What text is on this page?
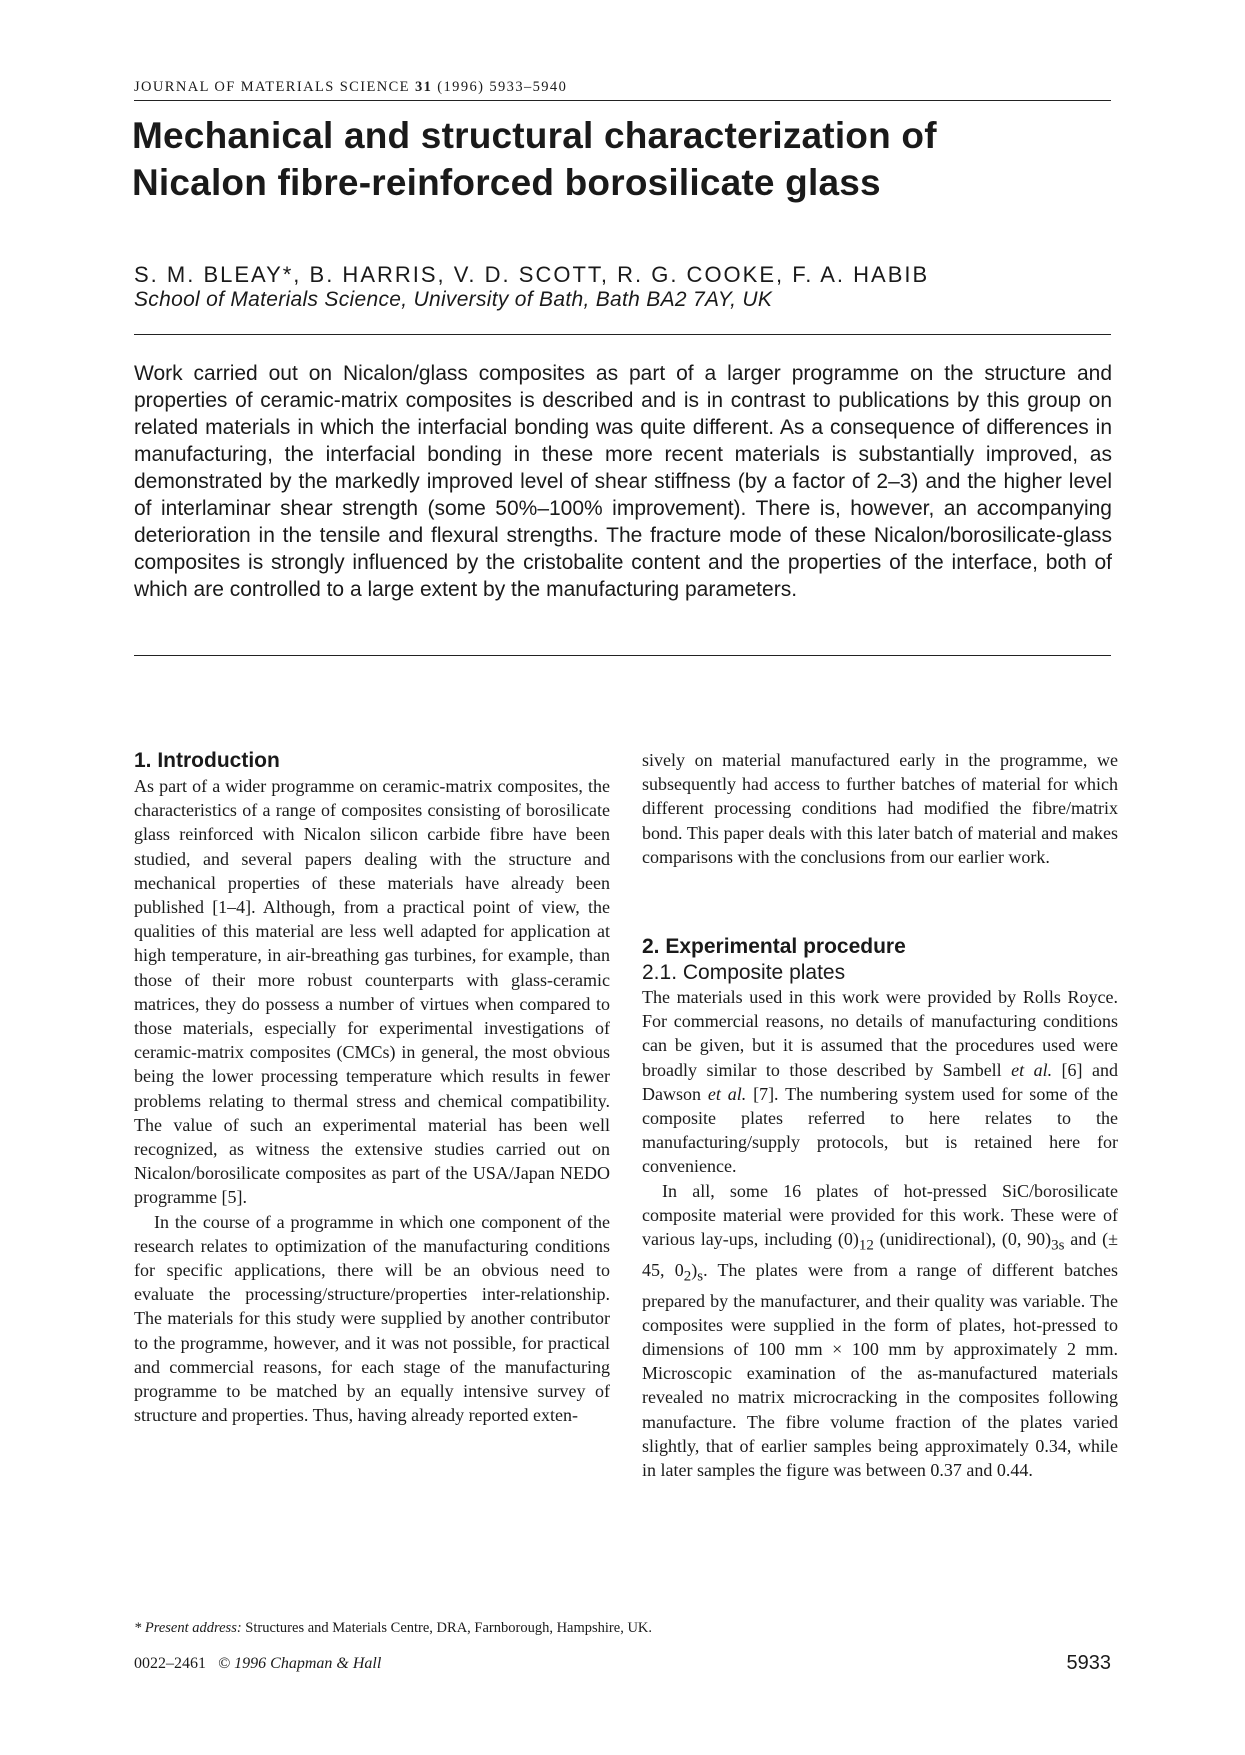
JOURNAL OF MATERIALS SCIENCE 31 (1996) 5933–5940
Mechanical and structural characterization of
Nicalon fibre-reinforced borosilicate glass
S. M. BLEAY*, B. HARRIS, V. D. SCOTT, R. G. COOKE, F. A. HABIB
School of Materials Science, University of Bath, Bath BA2 7AY, UK

Work carried out on Nicalon/glass composites as part of a larger programme on the structure and properties of ceramic-matrix composites is described and is in contrast to publications by this group on related materials in which the interfacial bonding was quite different. As a consequence of differences in manufacturing, the interfacial bonding in these more recent materials is substantially improved, as demonstrated by the markedly improved level of shear stiffness (by a factor of 2–3) and the higher level of interlaminar shear strength (some 50%–100% improvement). There is, however, an accompanying deterioration in the tensile and flexural strengths. The fracture mode of these Nicalon/borosilicate-glass composites is strongly influenced by the cristobalite content and the properties of the interface, both of which are controlled to a large extent by the manufacturing parameters.

1. Introduction

As part of a wider programme on ceramic-matrix composites, the characteristics of a range of composites consisting of borosilicate glass reinforced with Nicalon silicon carbide fibre have been studied, and several papers dealing with the structure and mechanical properties of these materials have already been published [1–4]. Although, from a practical point of view, the qualities of this material are less well adapted for application at high temperature, in air-breathing gas turbines, for example, than those of their more robust counterparts with glass-ceramic matrices, they do possess a number of virtues when compared to those materials, especially for experimental investigations of ceramic-matrix composites (CMCs) in general, the most obvious being the lower processing temperature which results in fewer problems relating to thermal stress and chemical compatibility. The value of such an experimental material has been well recognized, as witness the extensive studies carried out on Nicalon/borosilicate composites as part of the USA/Japan NEDO programme [5].

In the course of a programme in which one component of the research relates to optimization of the manufacturing conditions for specific applications, there will be an obvious need to evaluate the processing/structure/properties inter-relationship. The materials for this study were supplied by another contributor to the programme, however, and it was not possible, for practical and commercial reasons, for each stage of the manufacturing programme to be matched by an equally intensive survey of structure and properties. Thus, having already reported exten-

sively on material manufactured early in the programme, we subsequently had access to further batches of material for which different processing conditions had modified the fibre/matrix bond. This paper deals with this later batch of material and makes comparisons with the conclusions from our earlier work.

2. Experimental procedure
2.1. Composite plates

The materials used in this work were provided by Rolls Royce. For commercial reasons, no details of manufacturing conditions can be given, but it is assumed that the procedures used were broadly similar to those described by Sambell et al. [6] and Dawson et al. [7]. The numbering system used for some of the composite plates referred to here relates to the manufacturing/supply protocols, but is retained here for convenience.

In all, some 16 plates of hot-pressed SiC/borosilicate composite material were provided for this work. These were of various lay-ups, including $(0)_{12}$ (unidirectional), (0, $90)_{3s}$ and (± 45, $0_2)_s$. The plates were from a range of different batches prepared by the manufacturer, and their quality was variable. The composites were supplied in the form of plates, hot-pressed to dimensions of 100 mm × 100 mm by approximately 2 mm. Microscopic examination of the as-manufactured materials revealed no matrix microcracking in the composites following manufacture. The fibre volume fraction of the plates varied slightly, that of earlier samples being approximately 0.34, while in later samples the figure was between 0.37 and 0.44.

* Present address: Structures and Materials Centre, DRA, Farnborough, Hampshire, UK.
0022–2461 © 1996 Chapman & Hall	5933
